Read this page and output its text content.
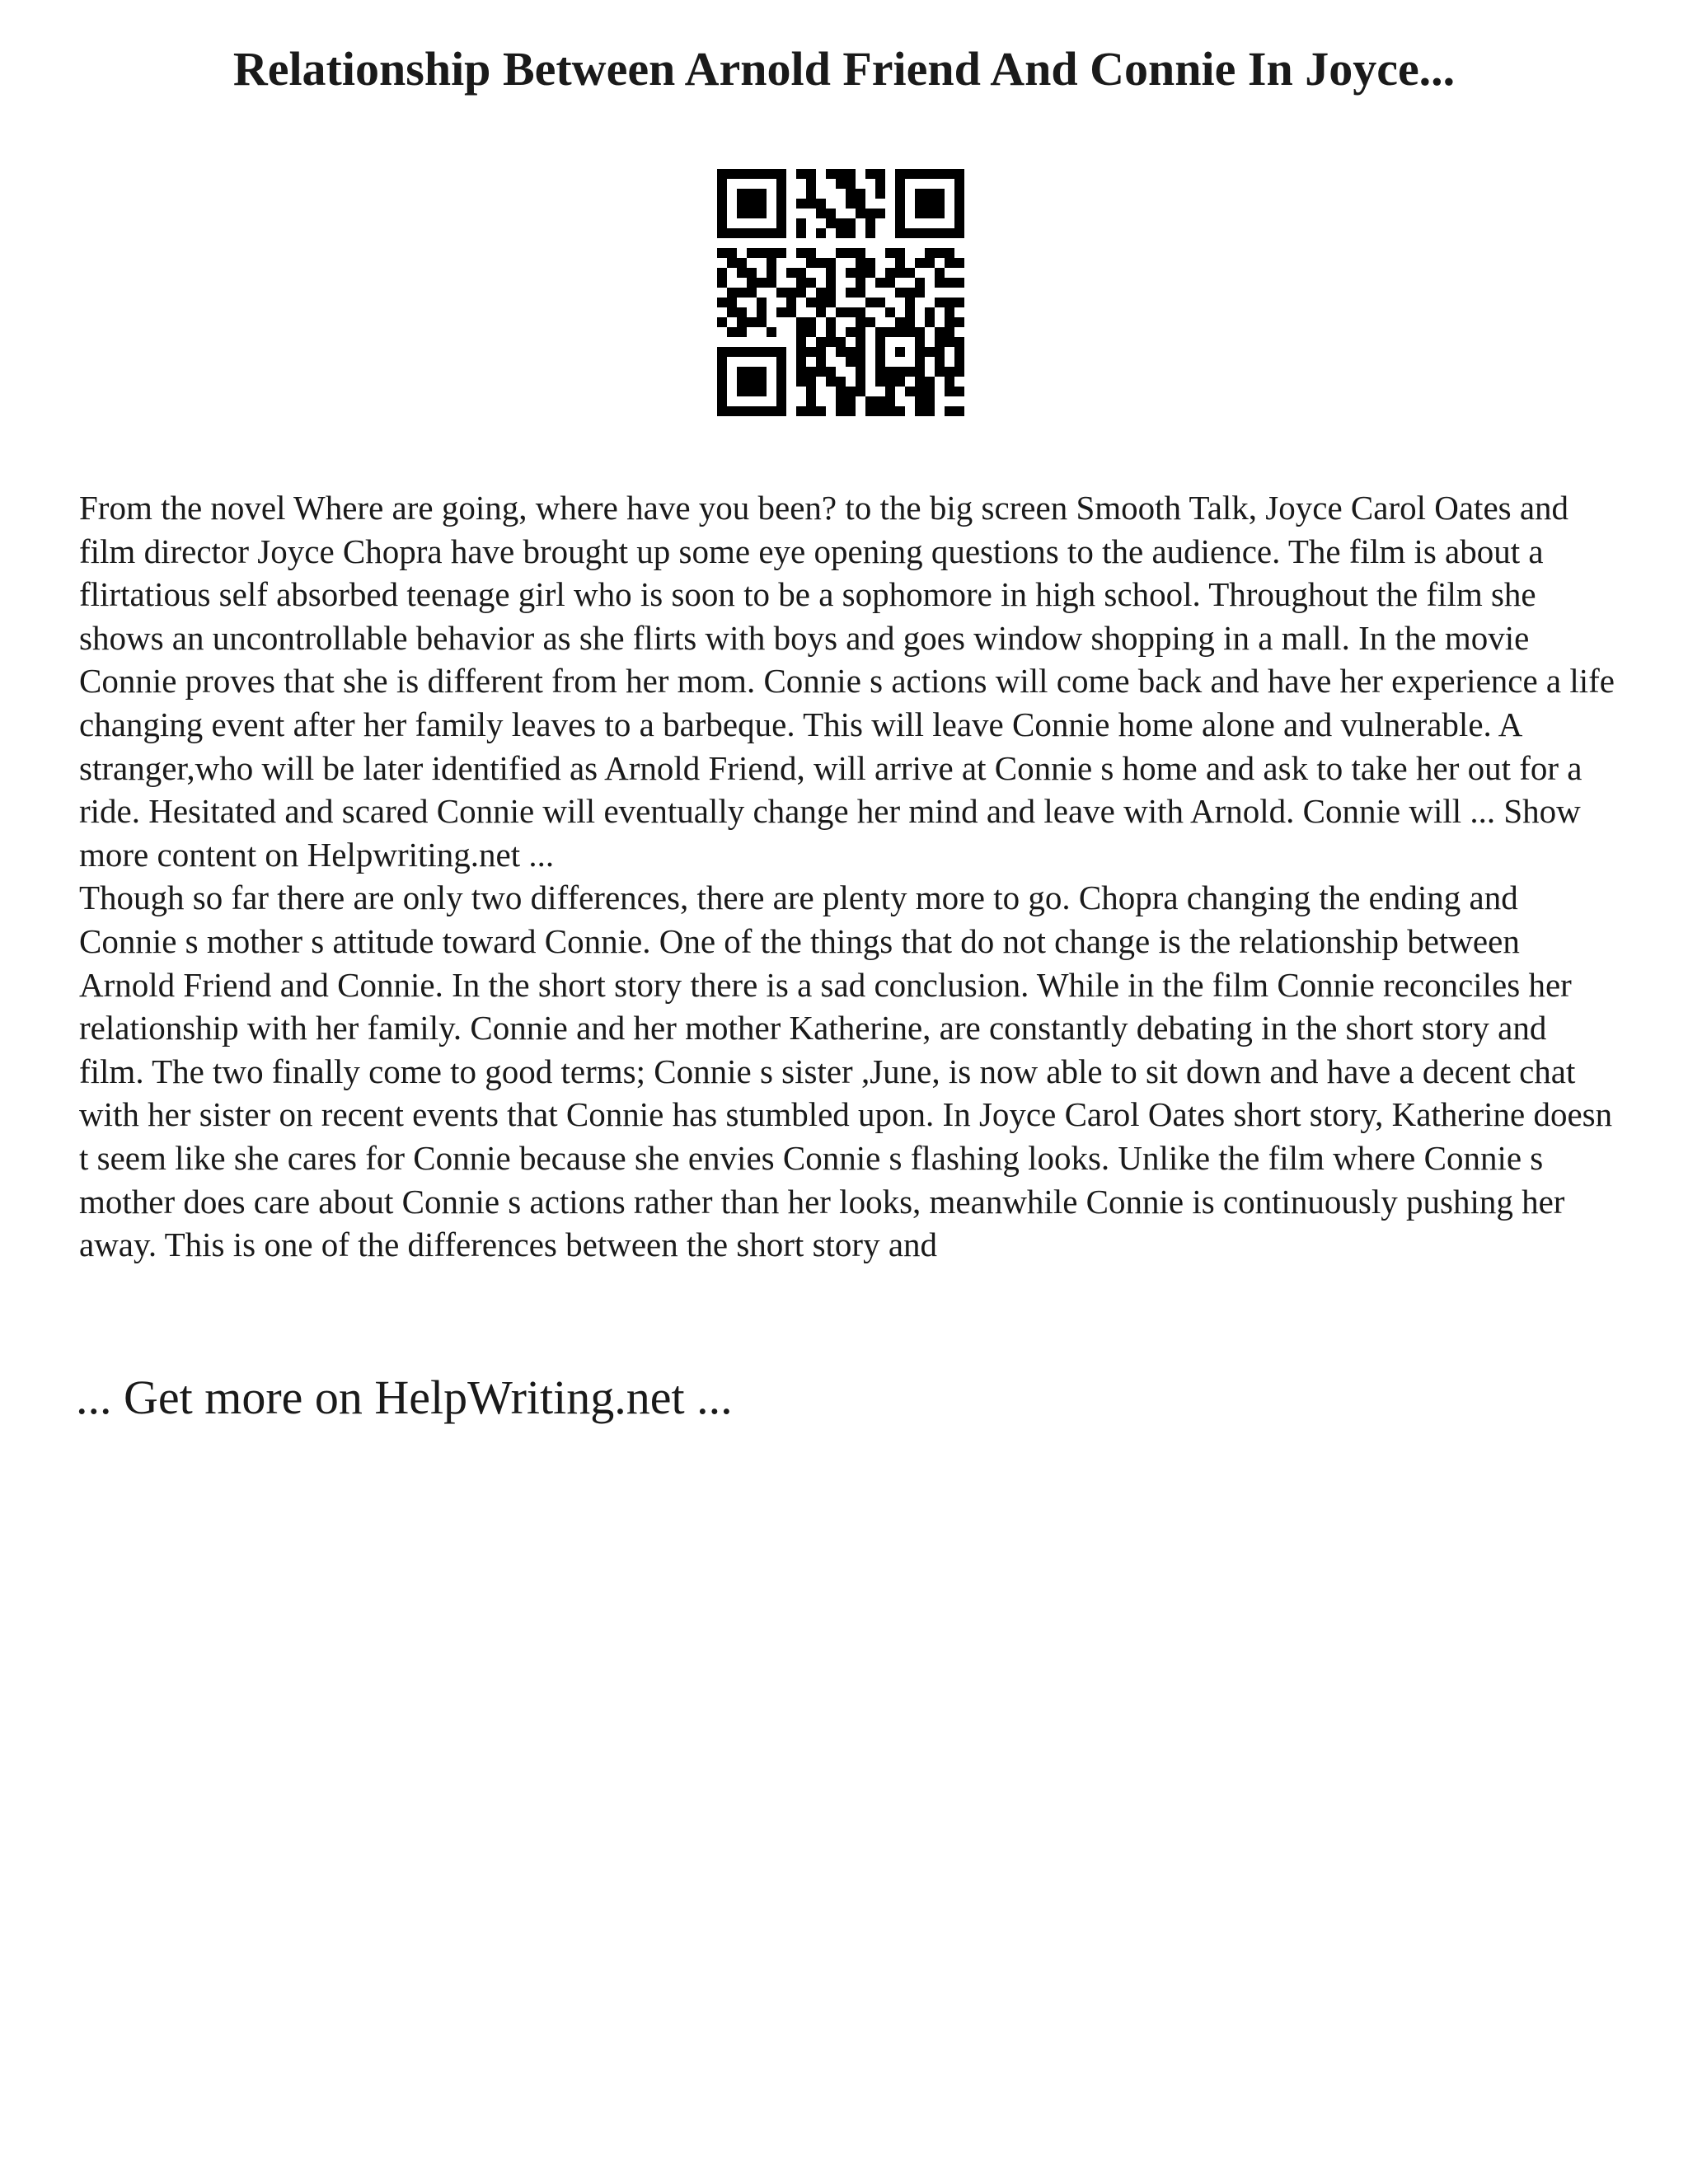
Relationship Between Arnold Friend And Connie In Joyce...

From the novel Where are going, where have you been? to the big screen Smooth Talk, Joyce Carol Oates and film director Joyce Chopra have brought up some eye opening questions to the audience. The film is about a flirtatious self absorbed teenage girl who is soon to be a sophomore in high school. Throughout the film she shows an uncontrollable behavior as she flirts with boys and goes window shopping in a mall. In the movie Connie proves that she is different from her mom. Connie s actions will come back and have her experience a life changing event after her family leaves to a barbeque. This will leave Connie home alone and vulnerable. A stranger,who will be later identified as Arnold Friend, will arrive at Connie s home and ask to take her out for a ride. Hesitated and scared Connie will eventually change her mind and leave with Arnold. Connie will ... Show more content on Helpwriting.net ...

Though so far there are only two differences, there are plenty more to go. Chopra changing the ending and Connie s mother s attitude toward Connie. One of the things that do not change is the relationship between Arnold Friend and Connie. In the short story there is a sad conclusion. While in the film Connie reconciles her relationship with her family. Connie and her mother Katherine, are constantly debating in the short story and film. The two finally come to good terms; Connie s sister ,June, is now able to sit down and have a decent chat with her sister on recent events that Connie has stumbled upon. In Joyce Carol Oates short story, Katherine doesn t seem like she cares for Connie because she envies Connie s flashing looks. Unlike the film where Connie s mother does care about Connie s actions rather than her looks, meanwhile Connie is continuously pushing her away. This is one of the differences between the short story and

... Get more on HelpWriting.net ...
